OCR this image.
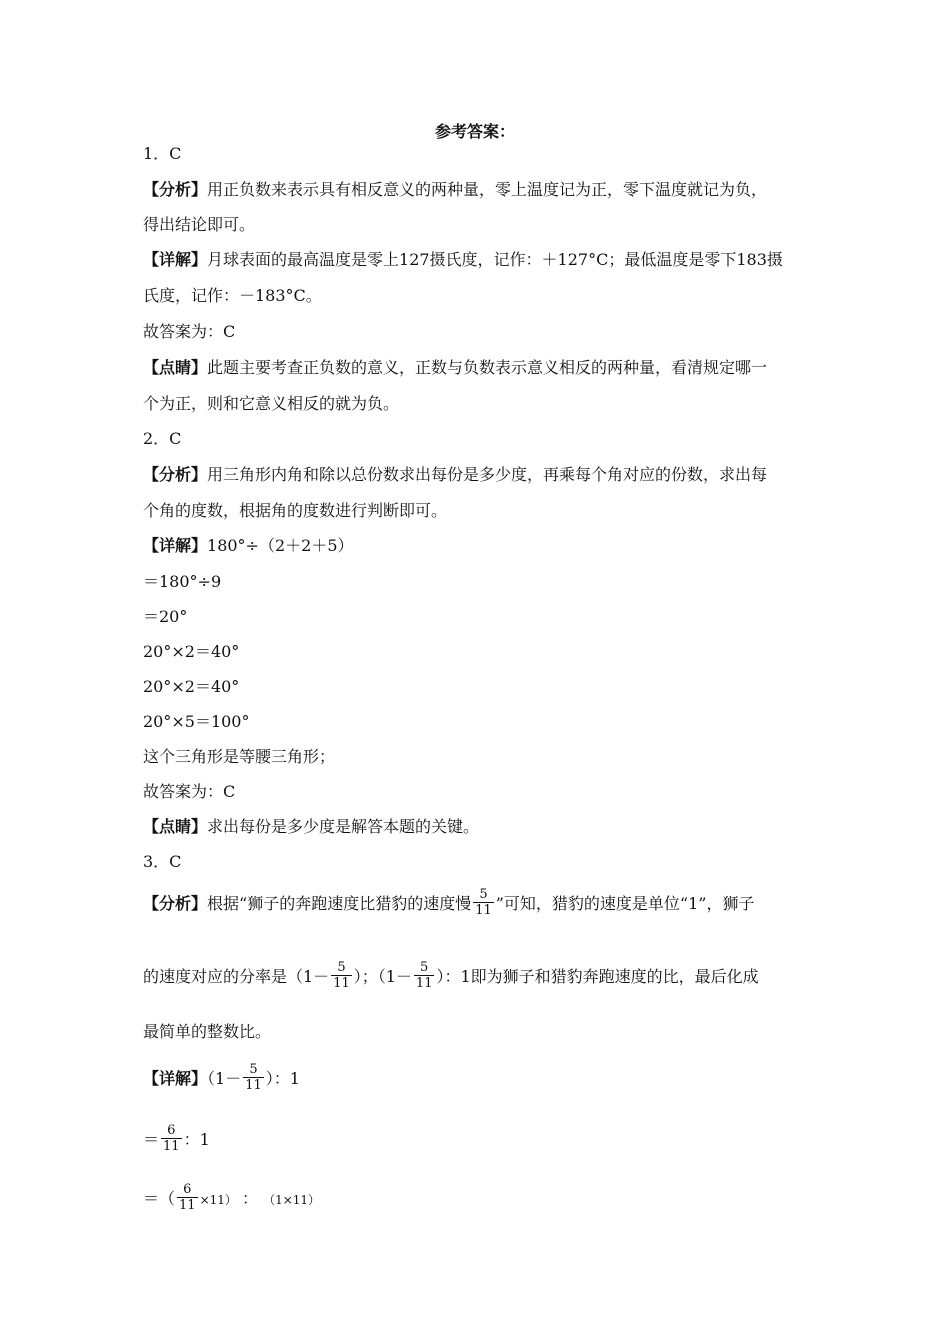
参考答案：
1．C
【分析】用正负数来表示具有相反意义的两种量，零上温度记为正，零下温度就记为负，
得出结论即可。
【详解】月球表面的最高温度是零上127摄氏度，记作：＋127°C；最低温度是零下183摄
氏度，记作：－183°C。
故答案为：C
【点睛】此题主要考查正负数的意义，正数与负数表示意义相反的两种量，看清规定哪一
个为正，则和它意义相反的就为负。
2．C
【分析】用三角形内角和除以总份数求出每份是多少度，再乘每个角对应的份数，求出每
个角的度数，根据角的度数进行判断即可。
【详解】180°÷（2＋2＋5）
＝180°÷9
＝20°
20°×2＝40°
20°×2＝40°
20°×5＝100°
这个三角形是等腰三角形；
故答案为：C
【点睛】求出每份是多少度是解答本题的关键。
3．C
【分析】根据“狮子的奔跑速度比猎豹的速度慢 $\frac{5}{11}$ ”可知，猎豹的速度是单位“1”，狮子
的速度对应的分率是（$1- \frac{5}{11}$ ）；（$1- \frac{5}{11}$ ）：1即为狮子和猎豹奔跑速度的比，最后化成
最简单的整数比。
【详解】（$1- \frac{5}{11}$ ）：1
＝ $\frac{6}{11}$ ：1
＝（ $\frac{6}{11} \times 11$） ： （1×11）
